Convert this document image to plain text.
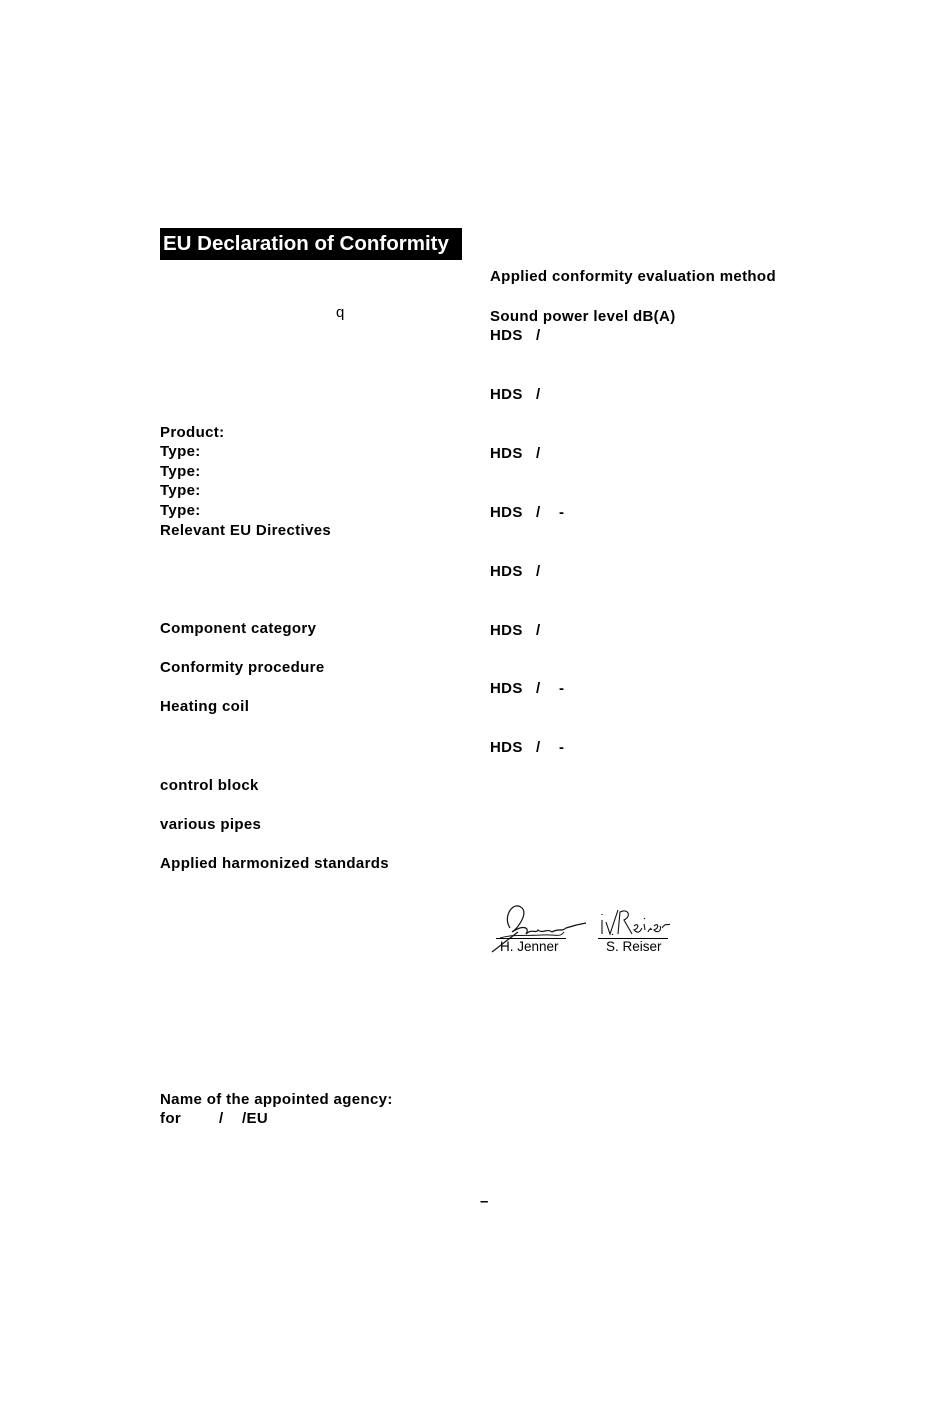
EU Declaration of Conformity
q
Product:
Type:
Type:
Type:
Type:
Relevant EU Directives
Component category
Conformity procedure
Heating coil
control block
various pipes
Applied harmonized standards
Name of the appointed agency:
for	/ /EU
Applied conformity evaluation method
Sound power level dB(A)
HDS /
HDS /
HDS /
HDS / -
HDS /
HDS /
HDS / -
HDS / -
H. Jenner	S. Reiser
–
